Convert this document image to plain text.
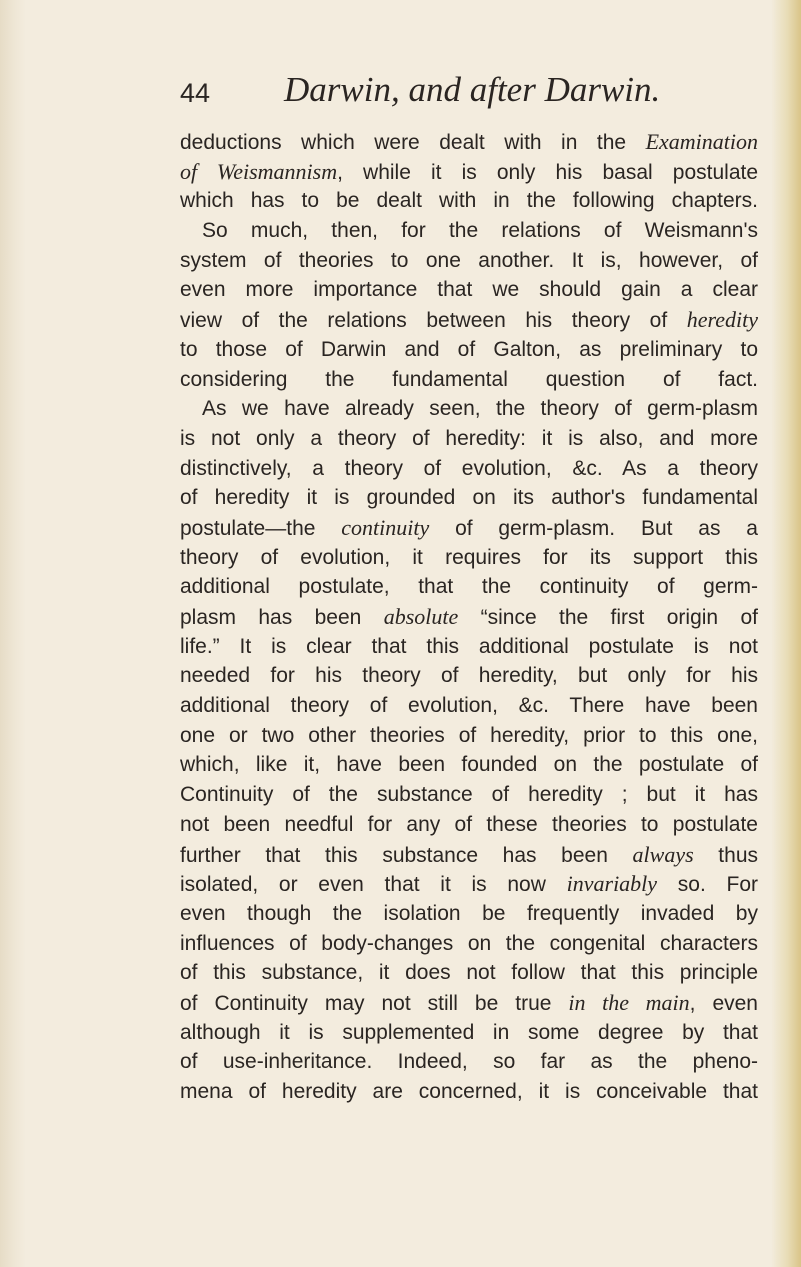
44 Darwin, and after Darwin.
deductions which were dealt with in the Examination
of Weismannism, while it is only his basal postulate
which has to be dealt with in the following chapters.
So much, then, for the relations of Weismann's
system of theories to one another. It is, however, of
even more importance that we should gain a clear
view of the relations between his theory of heredity
to those of Darwin and of Galton, as preliminary to
considering the fundamental question of fact.
As we have already seen, the theory of germ-plasm
is not only a theory of heredity: it is also, and more
distinctively, a theory of evolution, &c. As a theory
of heredity it is grounded on its author's fundamental
postulate—the continuity of germ-plasm. But as a
theory of evolution, it requires for its support this
additional postulate, that the continuity of germ-
plasm has been absolute “since the first origin of
life.” It is clear that this additional postulate is not
needed for his theory of heredity, but only for his
additional theory of evolution, &c. There have been
one or two other theories of heredity, prior to this one,
which, like it, have been founded on the postulate of
Continuity of the substance of heredity ; but it has
not been needful for any of these theories to postulate
further that this substance has been always thus
isolated, or even that it is now invariably so. For
even though the isolation be frequently invaded by
influences of body-changes on the congenital characters
of this substance, it does not follow that this principle
of Continuity may not still be true in the main, even
although it is supplemented in some degree by that
of use-inheritance. Indeed, so far as the pheno-
mena of heredity are concerned, it is conceivable that
